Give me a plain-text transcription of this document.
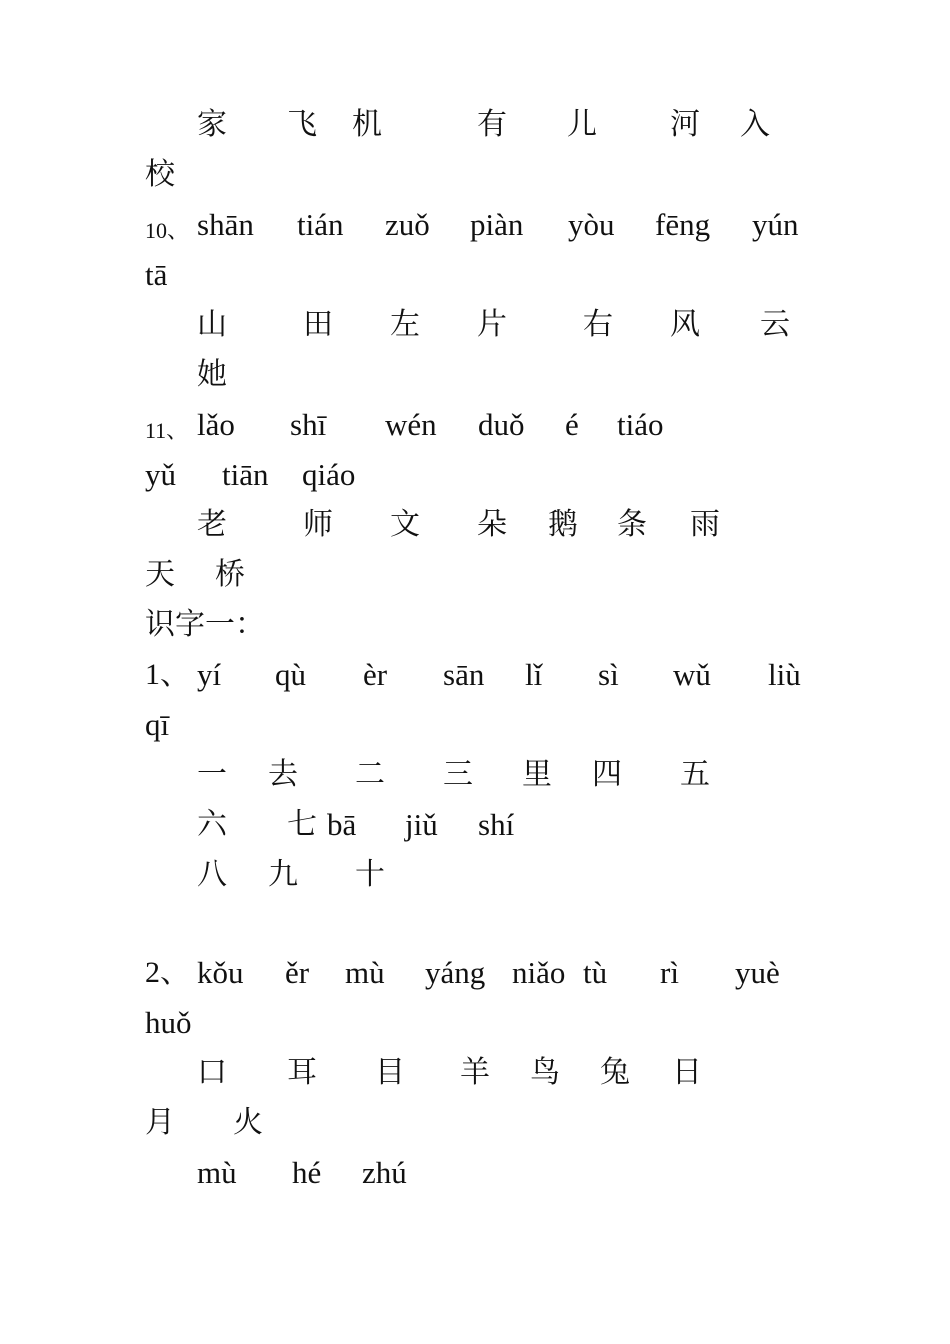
家 飞 机	有 儿 河 入
校
10、 shān tián zuǒ piàn yòu fēng yún
tā
山	田 左 片	右 风 云
她
11、 lǎo shī wén duǒ é tiáo
yǔ tiān qiáo
老	师 文 朵 鹅 条 雨
天 桥
识字一：
1、 yí qù èr sān lǐ sì wǔ liù
qī
一 去 二 三 里 四 五
六 七 bā jiǔ shí
八 九 十
2、 kǒu ěr mù yáng niǎo tù rì yuè
huǒ
口 耳 目 羊 鸟 兔 日
月 火
mù hé zhú
